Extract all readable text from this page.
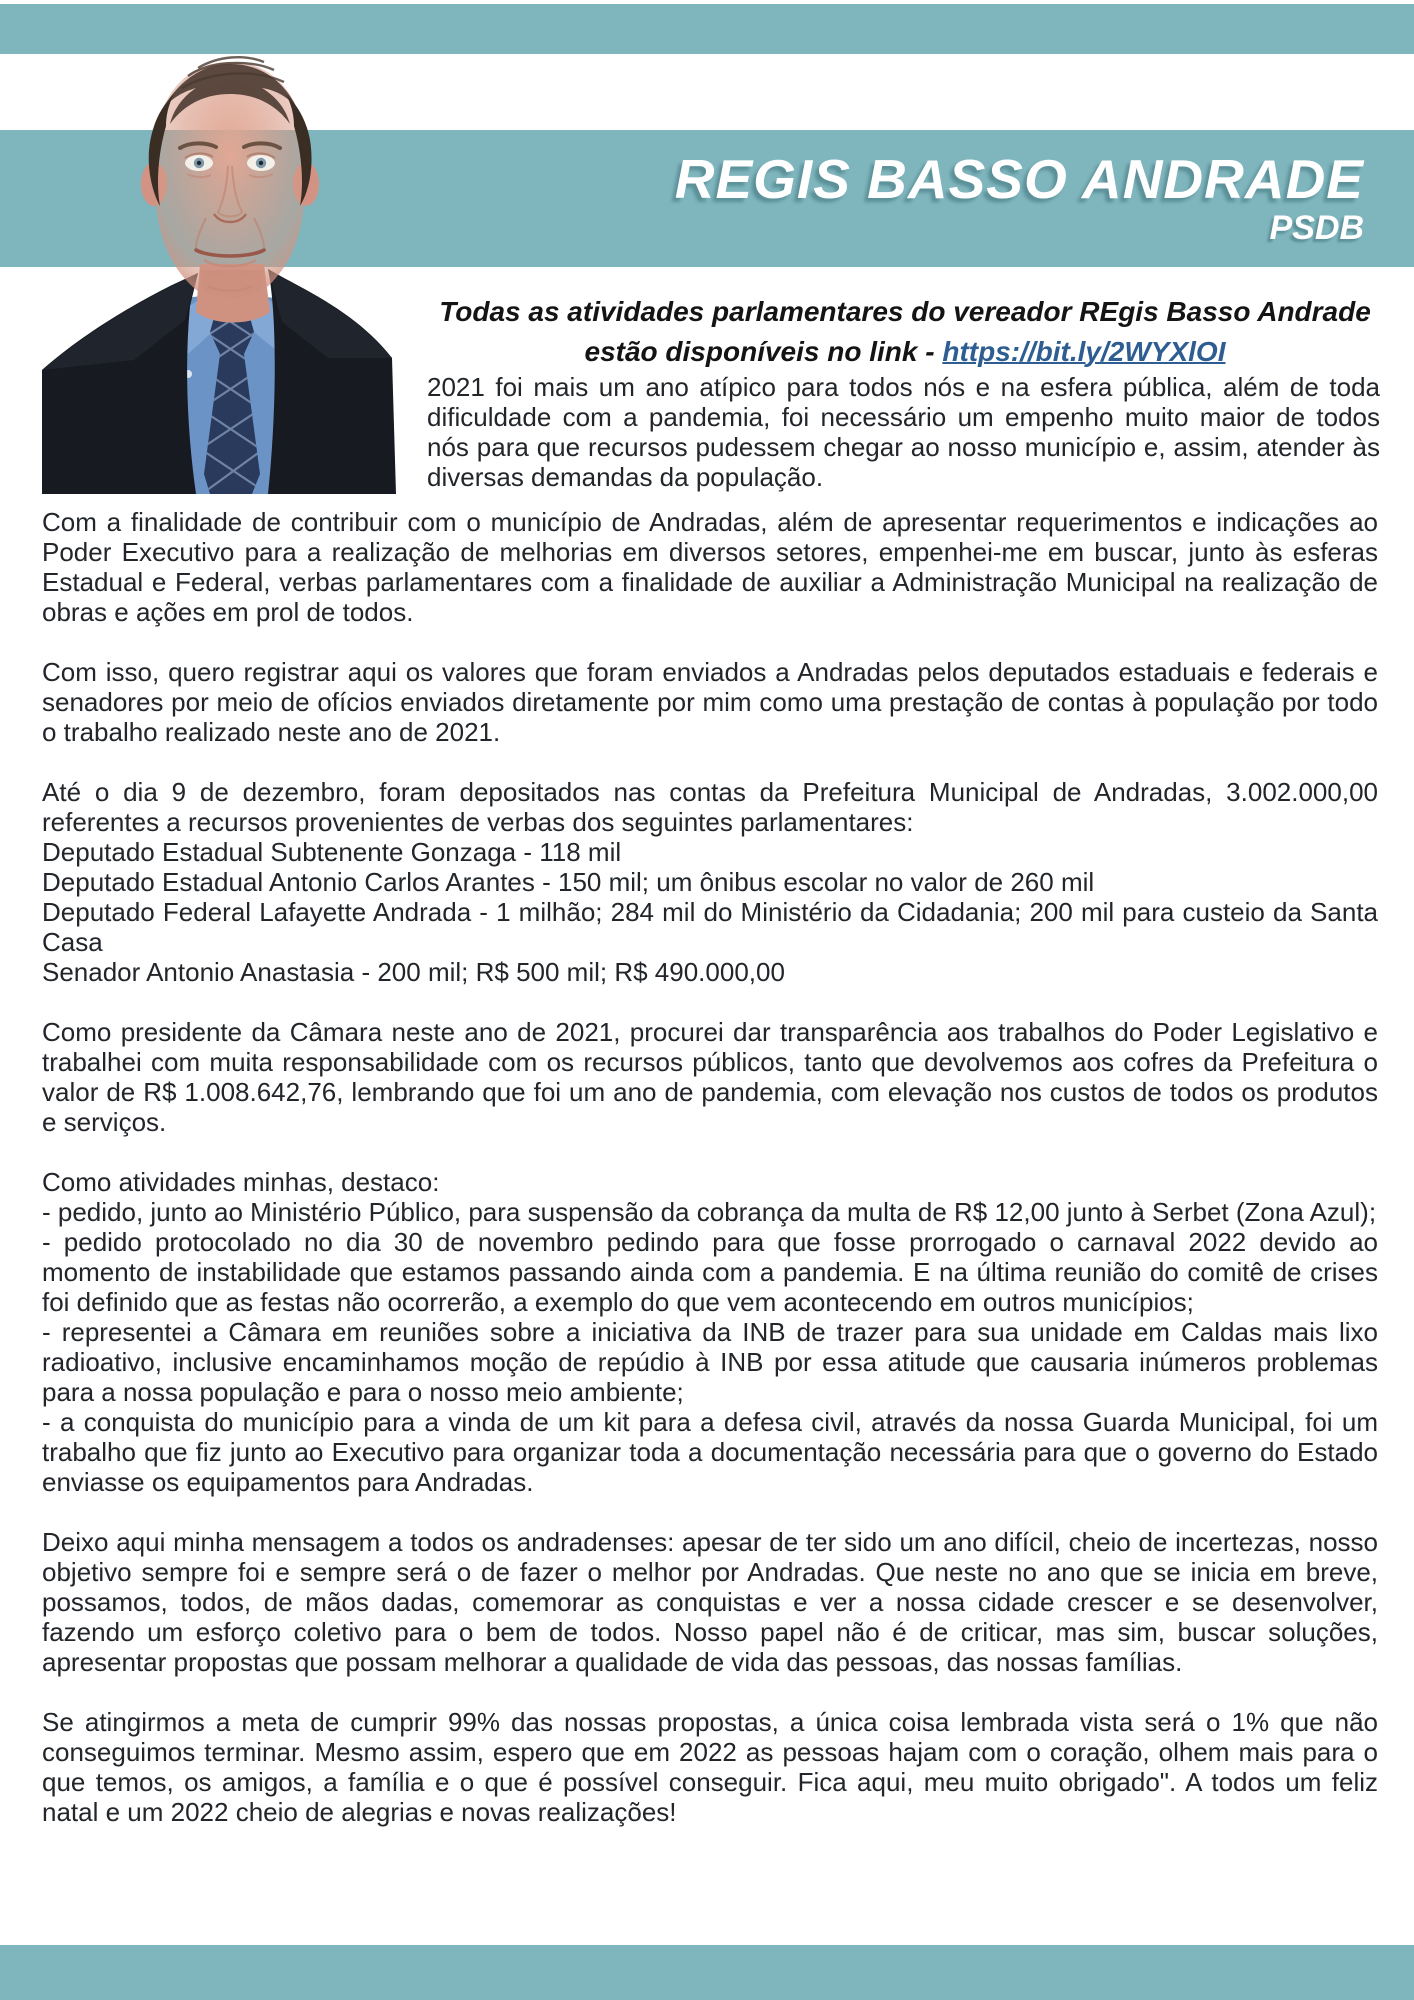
REGIS BASSO ANDRADE
PSDB
Todas as atividades parlamentares do vereador REgis Basso Andrade
estão disponíveis no link - https://bit.ly/2WYXlOI
2021 foi mais um ano atípico para todos nós e na esfera pública, além de toda dificuldade com a pandemia, foi necessário um empenho muito maior de todos nós para que recursos pudessem chegar ao nosso município e, assim, atender às diversas demandas da população.

Com a finalidade de contribuir com o município de Andradas, além de apresentar requerimentos e indicações ao Poder Executivo para a realização de melhorias em diversos setores, empenhei-me em buscar, junto às esferas Estadual e Federal, verbas parlamentares com a finalidade de auxiliar a Administração Municipal na realização de obras e ações em prol de todos.

Com isso, quero registrar aqui os valores que foram enviados a Andradas pelos deputados estaduais e federais e senadores por meio de ofícios enviados diretamente por mim como uma prestação de contas à população por todo o trabalho realizado neste ano de 2021.

Até o dia 9 de dezembro, foram depositados nas contas da Prefeitura Municipal de Andradas, 3.002.000,00 referentes a recursos provenientes de verbas dos seguintes parlamentares:
Deputado Estadual Subtenente Gonzaga - 118 mil
Deputado Estadual Antonio Carlos Arantes - 150 mil; um ônibus escolar no valor de 260 mil
Deputado Federal Lafayette Andrada - 1 milhão; 284 mil do Ministério da Cidadania; 200 mil para custeio da Santa Casa
Senador Antonio Anastasia - 200 mil; R$ 500 mil; R$ 490.000,00

Como presidente da Câmara neste ano de 2021, procurei dar transparência aos trabalhos do Poder Legislativo e trabalhei com muita responsabilidade com os recursos públicos, tanto que devolvemos aos cofres da Prefeitura o valor de R$ 1.008.642,76, lembrando que foi um ano de pandemia, com elevação nos custos de todos os produtos e serviços.

Como atividades minhas, destaco:
- pedido, junto ao Ministério Público, para suspensão da cobrança da multa de R$ 12,00 junto à Serbet (Zona Azul);
- pedido protocolado no dia 30 de novembro pedindo para que fosse prorrogado o carnaval 2022 devido ao momento de instabilidade que estamos passando ainda com a pandemia. E na última reunião do comitê de crises foi definido que as festas não ocorrerão, a exemplo do que vem acontecendo em outros municípios;
- representei a Câmara em reuniões sobre a iniciativa da INB de trazer para sua unidade em Caldas mais lixo radioativo, inclusive encaminhamos moção de repúdio à INB por essa atitude que causaria inúmeros problemas para a nossa população e para o nosso meio ambiente;
- a conquista do município para a vinda de um kit para a defesa civil, através da nossa Guarda Municipal, foi um trabalho que fiz junto ao Executivo para organizar toda a documentação necessária para que o governo do Estado enviasse os equipamentos para Andradas.

Deixo aqui minha mensagem a todos os andradenses: apesar de ter sido um ano difícil, cheio de incertezas, nosso objetivo sempre foi e sempre será o de fazer o melhor por Andradas. Que neste no ano que se inicia em breve, possamos, todos, de mãos dadas, comemorar as conquistas e ver a nossa cidade crescer e se desenvolver, fazendo um esforço coletivo para o bem de todos. Nosso papel não é de criticar, mas sim, buscar soluções, apresentar propostas que possam melhorar a qualidade de vida das pessoas, das nossas famílias.

Se atingirmos a meta de cumprir 99% das nossas propostas, a única coisa lembrada vista será o 1% que não conseguimos terminar. Mesmo assim, espero que em 2022 as pessoas hajam com o coração, olhem mais para o que temos, os amigos, a família e o que é possível conseguir. Fica aqui, meu muito obrigado". A todos um feliz natal e um 2022 cheio de alegrias e novas realizações!
